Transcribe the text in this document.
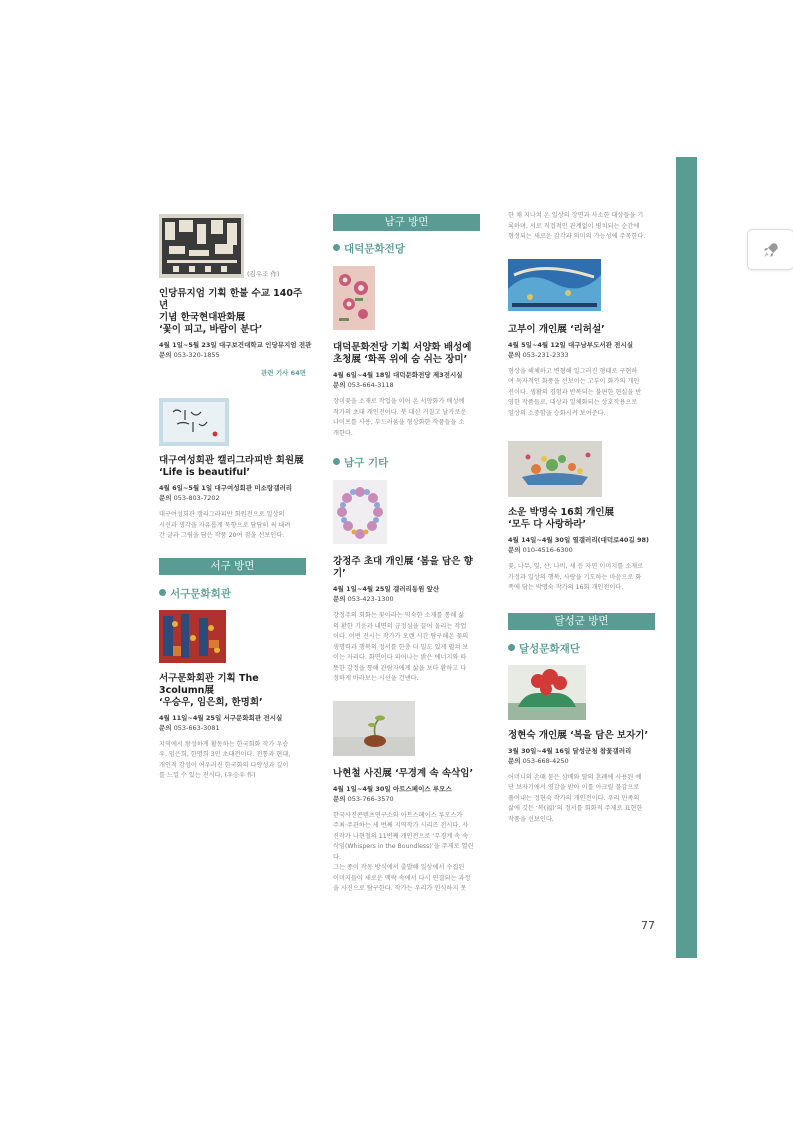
(김우조 作)

인당뮤지엄 기획 한불 수교 140주년
기념 한국현대판화展
‘꽃이 피고, 바람이 분다’

4월 1일~5월 23일 대구보건대학교 인당뮤지엄 전관

문의 053-320-1855

관련 기사 64면

대구여성회관 캘리그라피반 회원展
‘Life is beautiful’

4월 6일~5월 1일 대구여성회관 미소랑갤러리

문의 053-803-7202

대구여성회관 캘리그라피반 회원전으로 일상의
시선과 생각을 자유롭게 묵향으로 담담히 써 내려
간 글과 그림을 담은 작품 20여 점을 선보인다.

서구 방면

서구문화회관

서구문화회관 기획 The 3column展
‘우승우, 임은희, 한명희’

4월 11일~4월 25일 서구문화회관 전시실

문의 053-663-3081

지역에서 왕성하게 활동하는 한국회화 작가 우승
우, 임은희, 한명희 3인 초대전이다. 전통과 현대,
개인적 감성이 어우러진 한국화의 다양성과 깊이
를 느낄 수 있는 전시다. (우승우 作)

남구 방면

대덕문화전당

대덕문화전당 기획 서양화 배성예
초청展 ‘화폭 위에 숨 쉬는 장미’

4월 6일~4월 18일 대덕문화전당 제3전시실

문의 053-664-3118

장미꽃을 소재로 작업을 이어 온 서양화가 배성예
작가의 초대 개인전이다. 붓 대신 거칠고 날카로운
나이프를 사용, 부드러움을 형상화한 작품들을 소
개한다.

남구 기타

강정주 초대 개인展 ‘봄을 담은 향기’

4월 1일~4월 25일 갤러리동원 앞산

문의 053-423-1300

강정주의 회화는 꽃이라는 익숙한 소재를 통해 삶
의 환한 기운과 내면의 긍정심을 끌어 올리는 작업
이다. 이번 전시는 작가가 오랜 시간 탐구해온 꽃의
생명력과 행복의 정서를 한층 더 밀도 있게 펼쳐 보
이는 자리다. 화면이다 피어나는 밝은 에너지와 따
뜻한 감정을 통해 관람자에게 삶을 보다 환하고 다
정하게 바라보는 시선을 건넨다.

나현철 사진展 ‘무경계 속 속삭임’

4월 1일~4월 30일 아트스페이스 루모스

문의 053-766-3570

한국사진콘텐츠연구소와 아트스페이스 루모스가
주최·주관하는 세 번째 지역작가 시리즈 전시다. 사
진작가 나현철의 11번째 개인전으로 ‘무경계 속 속
삭임(Whispers in the Boundless)’을 주제로 열린다.
그는 종이 작동 방식에서 출발해 일상에서 수집된
이미지들이 새로운 맥락 속에서 다시 연결되는 과정
을 사진으로 탐구한다. 작가는 우리가 인식하지 못

한 채 지나쳐 온 일상의 장면과 사소한 대상들을 기
록하며, 서로 직접적인 관계없이 병치되는 순간에
형성되는 새로운 감각과 의미의 가능성에 주목한다.

고부이 개인展 ‘리허설’

4월 5일~4월 12일 대구남부도서관 전시실

문의 053-231-2333

형상을 해체하고 변형해 일그러진 형태로 구현하
여 독자적인 화풍을 선보이는 고부이 화가의 개인
전이다. 생활의 경험과 반복되는 불편한 현실을 반
영한 작품들로, 대상과 일체화되는 상호작용으로
일상의 소중함을 승화시켜 보여준다.

소운 박명숙 16회 개인展
‘모두 다 사랑하라’

4월 14일~4월 30일 열갤러리(대덕로40길 98)

문의 010-4516-6300

꽃, 나무, 잎, 산, 나비, 새 등 자연 이미지를 소재로
가정과 일상의 행복, 사랑을 기도하는 마음으로 화
폭에 담는 박명숙 작가의 16회 개인전이다.

달성군 방면

달성문화재단

정현숙 개인展 ‘복을 담은 보자기’

3월 30일~4월 16일 달성군청 참꽃갤러리

문의 053-668-4250

어머니의 손때 묻은 삼베와 딸의 혼례에 사용된 예
단 보자기에서 영감을 받아 이를 아크릴 물감으로
풀어내는 정현숙 작가의 개인전이다. 우리 민족의
삶에 깃든 ‘복(福)’의 정서를 회화적 주제로 표현한
작품을 선보인다.

77
